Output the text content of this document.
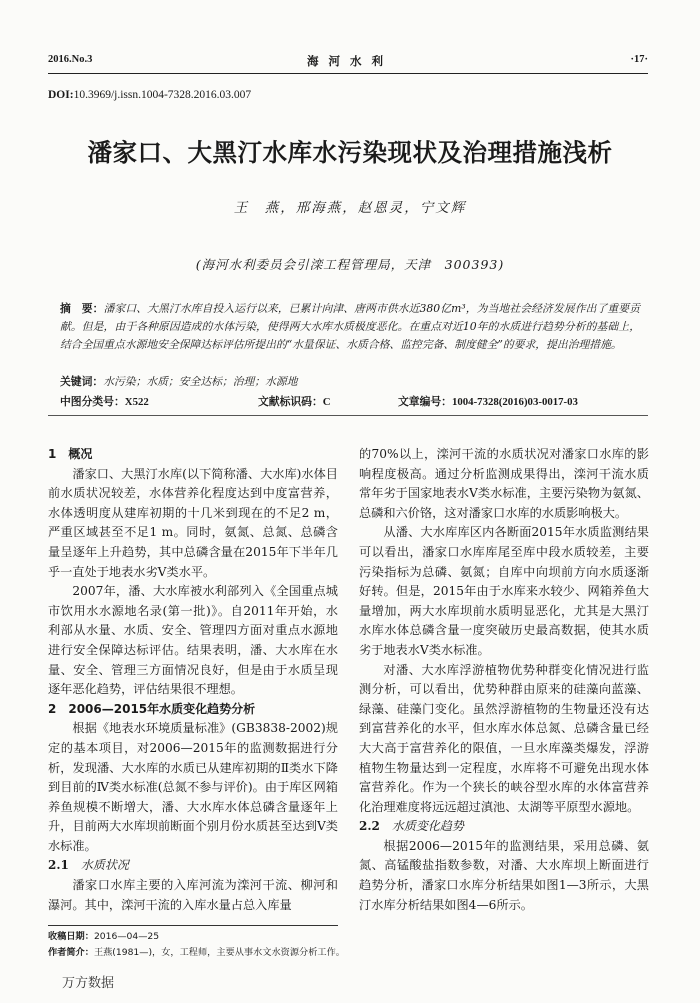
2016.No.3	海河水利	·17·
DOI:10.3969/j.issn.1004-7328.2016.03.007
潘家口、大黑汀水库水污染现状及治理措施浅析
王　燕，邢海燕，赵恩灵，宁文辉
(海河水利委员会引滦工程管理局，天津　300393)
摘　要：潘家口、大黑汀水库自投入运行以来，已累计向津、唐两市供水近380亿m³，为当地社会经济发展作出了重要贡献。但是，由于各种原因造成的水体污染，使得两大水库水质极度恶化。在重点对近10年的水质进行趋势分析的基础上，结合全国重点水源地安全保障达标评估所提出的“水量保证、水质合格、监控完备、制度健全”的要求，提出治理措施。
关键词：水污染；水质；安全达标；治理；水源地
中图分类号：X522	文献标识码：C	文章编号：1004-7328(2016)03-0017-03
1　概况

潘家口、大黑汀水库(以下简称潘、大水库)水体目前水质状况较差，水体营养化程度达到中度富营养，水体透明度从建库初期的十几米到现在的不足2 m，严重区域甚至不足1 m。同时，氨氮、总氮、总磷含量呈逐年上升趋势，其中总磷含量在2015年下半年几乎一直处于地表水劣V类水平。

2007年，潘、大水库被水利部列入《全国重点城市饮用水水源地名录(第一批)》。自2011年开始，水利部从水量、水质、安全、管理四方面对重点水源地进行安全保障达标评估。结果表明，潘、大水库在水量、安全、管理三方面情况良好，但是由于水质呈现逐年恶化趋势，评估结果很不理想。

2　2006—2015年水质变化趋势分析

根据《地表水环境质量标准》(GB3838-2002)规定的基本项目，对2006—2015年的监测数据进行分析，发现潘、大水库的水质已从建库初期的Ⅱ类水下降到目前的Ⅳ类水标准(总氮不参与评价)。由于库区网箱养鱼规模不断增大，潘、大水库水体总磷含量逐年上升，目前两大水库坝前断面个别月份水质甚至达到V类水标准。

2.1　 水质状况

潘家口水库主要的入库河流为滦河干流、柳河和瀑河。其中，滦河干流的入库水量占总入库量

的70%以上，滦河干流的水质状况对潘家口水库的影响程度极高。通过分析监测成果得出，滦河干流水质常年劣于国家地表水V类水标准，主要污染物为氨氮、总磷和六价铬，这对潘家口水库的水质影响极大。

从潘、大水库库区内各断面2015年水质监测结果可以看出，潘家口水库库尾至库中段水质较差，主要污染指标为总磷、氨氮；自库中向坝前方向水质逐渐好转。但是，2015年由于水库来水较少、网箱养鱼大量增加，两大水库坝前水质明显恶化，尤其是大黑汀水库水体总磷含量一度突破历史最高数据，使其水质劣于地表水V类水标准。

对潘、大水库浮游植物优势种群变化情况进行监测分析，可以看出，优势种群由原来的硅藻向蓝藻、绿藻、硅藻门变化。虽然浮游植物的生物量还没有达到富营养化的水平，但水库水体总氮、总磷含量已经大大高于富营养化的限值，一旦水库藻类爆发，浮游植物生物量达到一定程度，水库将不可避免出现水体富营养化。作为一个狭长的峡谷型水库的水体富营养化治理难度将远远超过滇池、太湖等平原型水源地。

2.2　 水质变化趋势

根据2006—2015年的监测结果，采用总磷、氨氮、高锰酸盐指数参数，对潘、大水库坝上断面进行趋势分析，潘家口水库分析结果如图1—3所示，大黑汀水库分析结果如图4—6所示。

收稿日期：2016—04—25
作者简介：王燕(1981—)，女，工程师，主要从事水文水资源分析工作。
万方数据
